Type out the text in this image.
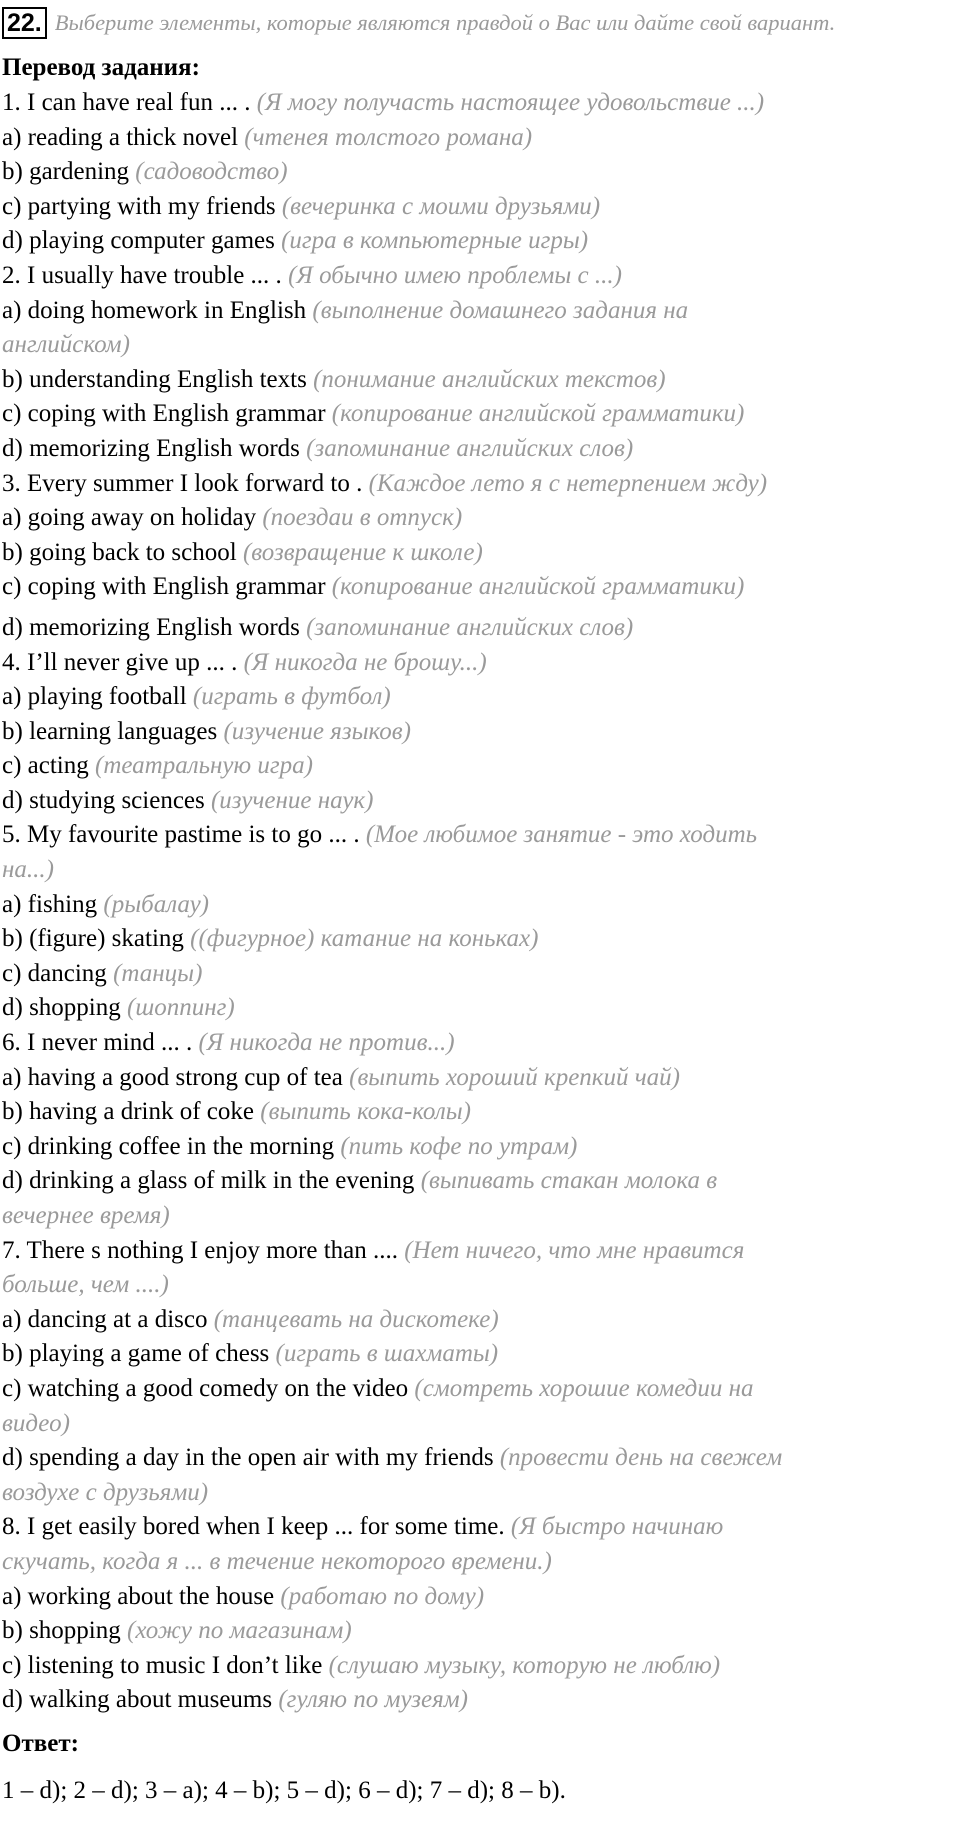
22. Выберите элементы, которые являются правдой о Вас или дайте свой вариант.
Перевод задания:
1. I can have real fun ... . (Я могу получасть настоящее удовольствие ...)
a) reading a thick novel (чтенея толстого романа)
b) gardening (садоводство)
c) partying with my friends (вечеринка с моими друзьями)
d) playing computer games (игра в компьютерные игры)
2. I usually have trouble ... . (Я обычно имею проблемы с ...)
a) doing homework in English (выполнение домашнего задания на
английском)
b) understanding English texts (понимание английских текстов)
c) coping with English grammar (копирование английской грамматики)
d) memorizing English words (запоминание английских слов)
3. Every summer I look forward to . (Каждое лето я с нетерпением жду)
a) going away on holiday (поездаи в отпуск)
b) going back to school (возвращение к школе)
c) coping with English grammar (копирование английской грамматики)
d) memorizing English words (запоминание английских слов)
4. I’ll never give up ... . (Я никогда не брошу...)
a) playing football (играть в футбол)
b) learning languages (изучение языков)
c) acting (театральную игра)
d) studying sciences (изучение наук)
5. My favourite pastime is to go ... . (Мое любимое занятие - это ходить
на...)
a) fishing (рыбалау)
b) (figure) skating ((фигурное) катание на коньках)
c) dancing (танцы)
d) shopping (шоппинг)
6. I never mind ... . (Я никогда не против...)
a) having a good strong cup of tea (выпить хороший крепкий чай)
b) having a drink of coke (выпить кока-колы)
c) drinking coffee in the morning (пить кофе по утрам)
d) drinking a glass of milk in the evening (выпивать стакан молока в
вечернее время)
7. There s nothing I enjoy more than .... (Нет ничего, что мне нравится
больше, чем ....)
a) dancing at a disco (танцевать на дискотеке)
b) playing a game of chess (играть в шахматы)
c) watching a good comedy on the video (смотреть хорошие комедии на
видео)
d) spending a day in the open air with my friends (провести день на свежем
воздухе с друзьями)
8. I get easily bored when I keep ... for some time. (Я быстро начинаю
скучать, когда я ... в течение некоторого времени.)
a) working about the house (работаю по дому)
b) shopping (хожу по магазинам)
c) listening to music I don’t like (слушаю музыку, которую не люблю)
d) walking about museums (гуляю по музеям)
Ответ:
1 – d); 2 – d); 3 – a); 4 – b); 5 – d); 6 – d); 7 – d); 8 – b).
